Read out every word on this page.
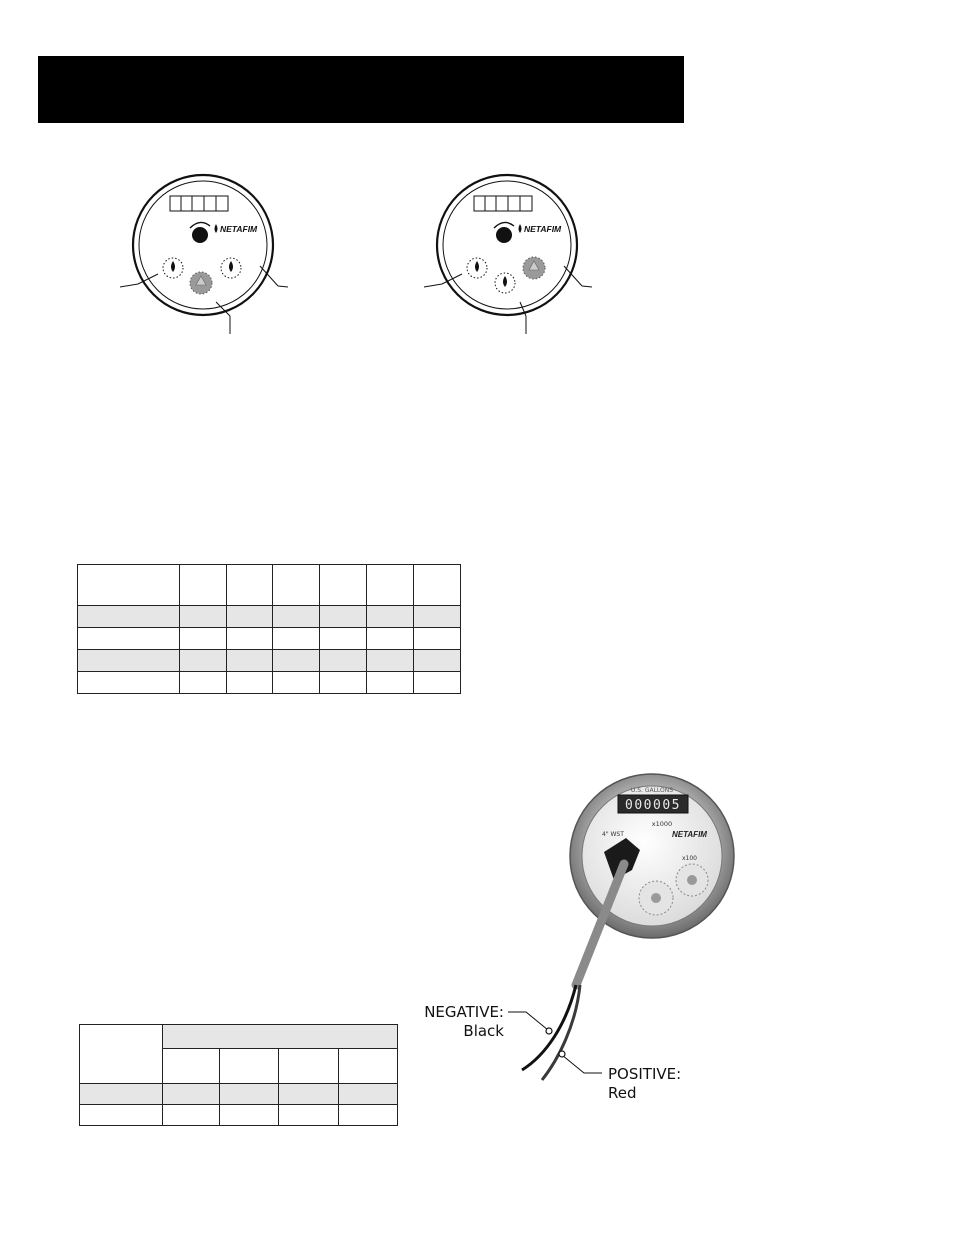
NETAFIM	NETAFIM

U.S. GALLONS
000005
x1000
4" WST	NETAFIM
x100
NEGATIVE:
Black
POSITIVE:
Red
